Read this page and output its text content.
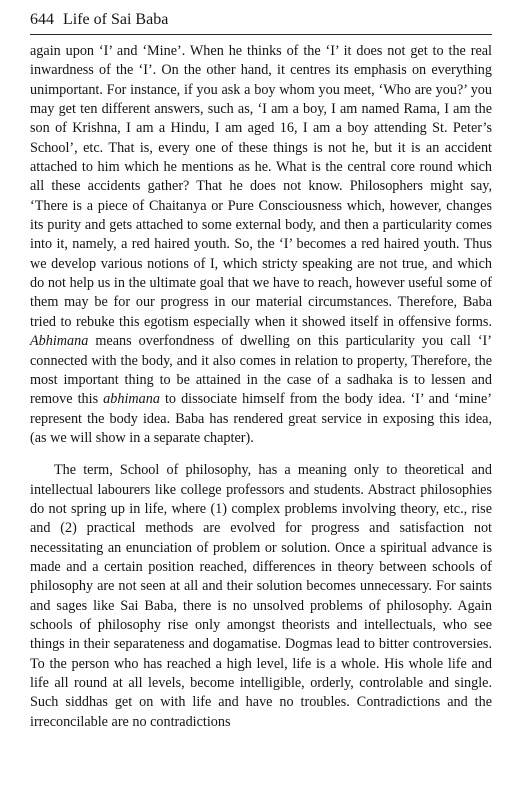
644 Life of Sai Baba

again upon ‘I’ and ‘Mine’. When he thinks of the ‘I’ it does not get to the real inwardness of the ‘I’. On the other hand, it centres its emphasis on everything unimportant. For instance, if you ask a boy whom you meet, ‘Who are you?’ you may get ten different answers, such as, ‘I am a boy, I am named Rama, I am the son of Krishna, I am a Hindu, I am aged 16, I am a boy attending St. Peter’s School’, etc. That is, every one of these things is not he, but it is an accident attached to him which he mentions as he. What is the central core round which all these accidents gather? That he does not know. Philosophers might say, ‘There is a piece of Chaitanya or Pure Consciousness which, however, changes its purity and gets attached to some external body, and then a particularity comes into it, namely, a red haired youth. So, the ‘I’ becomes a red haired youth. Thus we develop various notions of I, which stricty speaking are not true, and which do not help us in the ultimate goal that we have to reach, however useful some of them may be for our progress in our material circumstances. Therefore, Baba tried to rebuke this egotism especially when it showed itself in offensive forms. Abhimana means overfondness of dwelling on this particularity you call ‘I’ connected with the body, and it also comes in relation to property, Therefore, the most important thing to be attained in the case of a sadhaka is to lessen and remove this abhimana to dissociate himself from the body idea. ‘I’ and ‘mine’ represent the body idea. Baba has rendered great service in exposing this idea, (as we will show in a separate chapter).

The term, School of philosophy, has a meaning only to theoretical and intellectual labourers like college professors and students. Abstract philosophies do not spring up in life, where (1) complex problems involving theory, etc., rise and (2) practical methods are evolved for progress and satisfaction not necessitating an enunciation of problem or solution. Once a spiritual advance is made and a certain position reached, differences in theory between schools of philosophy are not seen at all and their solution becomes unnecessary. For saints and sages like Sai Baba, there is no unsolved problems of philosophy. Again schools of philosophy rise only amongst theorists and intellectuals, who see things in their separateness and dogamatise. Dogmas lead to bitter controversies. To the person who has reached a high level, life is a whole. His whole life and life all round at all levels, become intelligible, orderly, controlable and single. Such siddhas get on with life and have no troubles. Contradictions and the irreconcilable are no contradictions
